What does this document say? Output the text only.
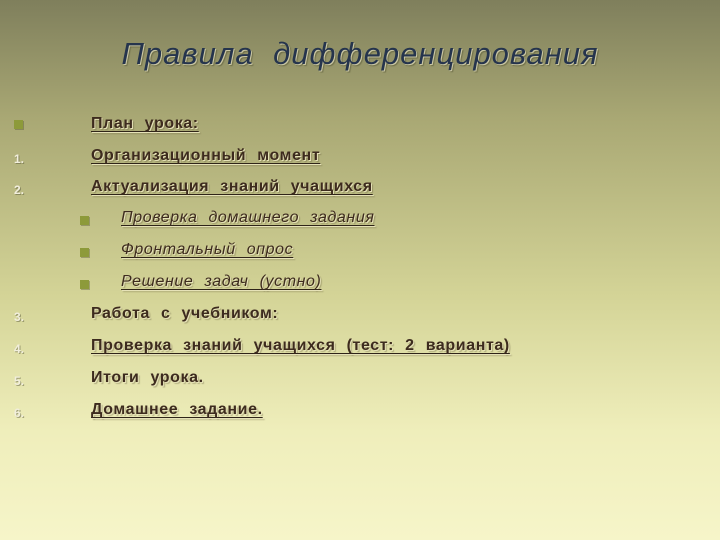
Правила дифференцирования
План урока:
1.	Организационный момент
2.	Актуализация знаний учащихся
Проверка домашнего задания
Фронтальный опрос
Решение задач (устно)
3.	Работа с учебником:
4.	Проверка знаний учащихся (тест: 2 варианта)
5.	Итоги урока.
6.	Домашнее задание.
